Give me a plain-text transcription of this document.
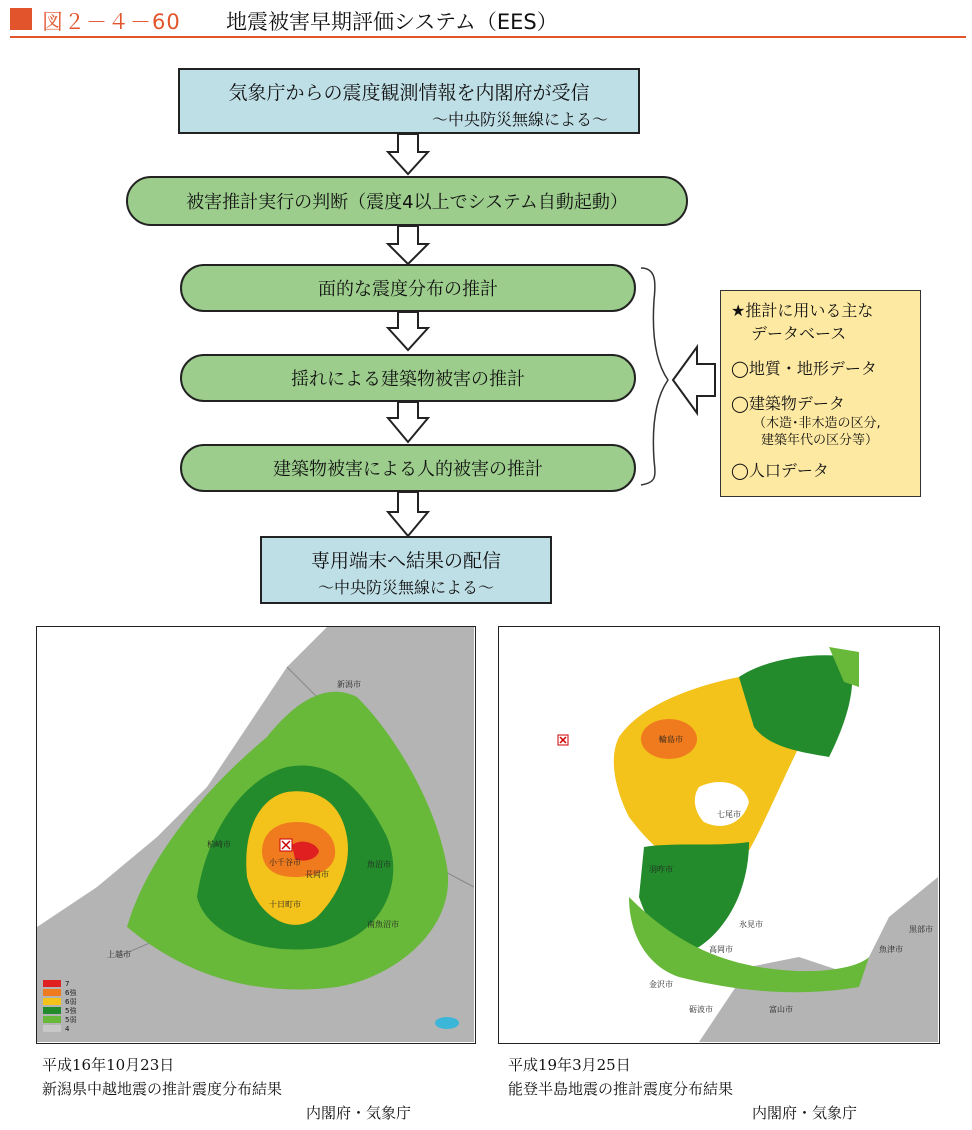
図２－４－60 地震被害早期評価システム（EES）
気象庁からの震度観測情報を内閣府が受信
～中央防災無線による～
被害推計実行の判断（震度4以上でシステム自動起動）
面的な震度分布の推計
揺れによる建築物被害の推計
建築物被害による人的被害の推計
専用端末へ結果の配信
～中央防災無線による～
★推計に用いる主な
データベース
◯地質・地形データ
◯建築物データ
（木造･非木造の区分,
建築年代の区分等）
◯人口データ
新潟市
長岡市
十日町市
上越市
柏崎市
魚沼市
南魚沼市
小千谷市
7
6強
6弱
5強
5弱
4
輪島市
七尾市
羽咋市
金沢市
高岡市
富山市
氷見市
砺波市
魚津市
黒部市
平成16年10月23日
新潟県中越地震の推計震度分布結果
内閣府・気象庁
平成19年3月25日
能登半島地震の推計震度分布結果
内閣府・気象庁
